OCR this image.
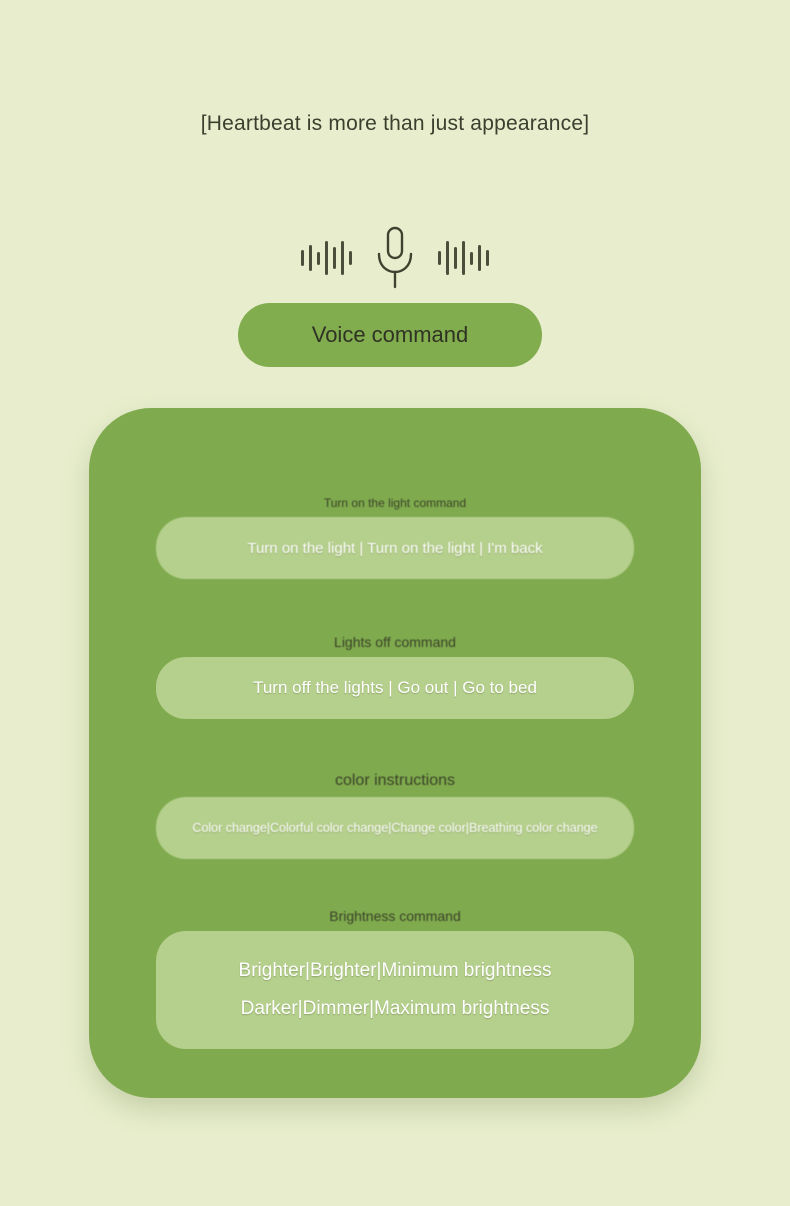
[Heartbeat is more than just appearance]
Voice command
Turn on the light command
Turn on the light | Turn on the light | I'm back
Lights off command
Turn off the lights | Go out | Go to bed
color instructions
Color change|Colorful color change|Change color|Breathing color change
Brightness command
Brighter|Brighter|Minimum brightness
Darker|Dimmer|Maximum brightness
